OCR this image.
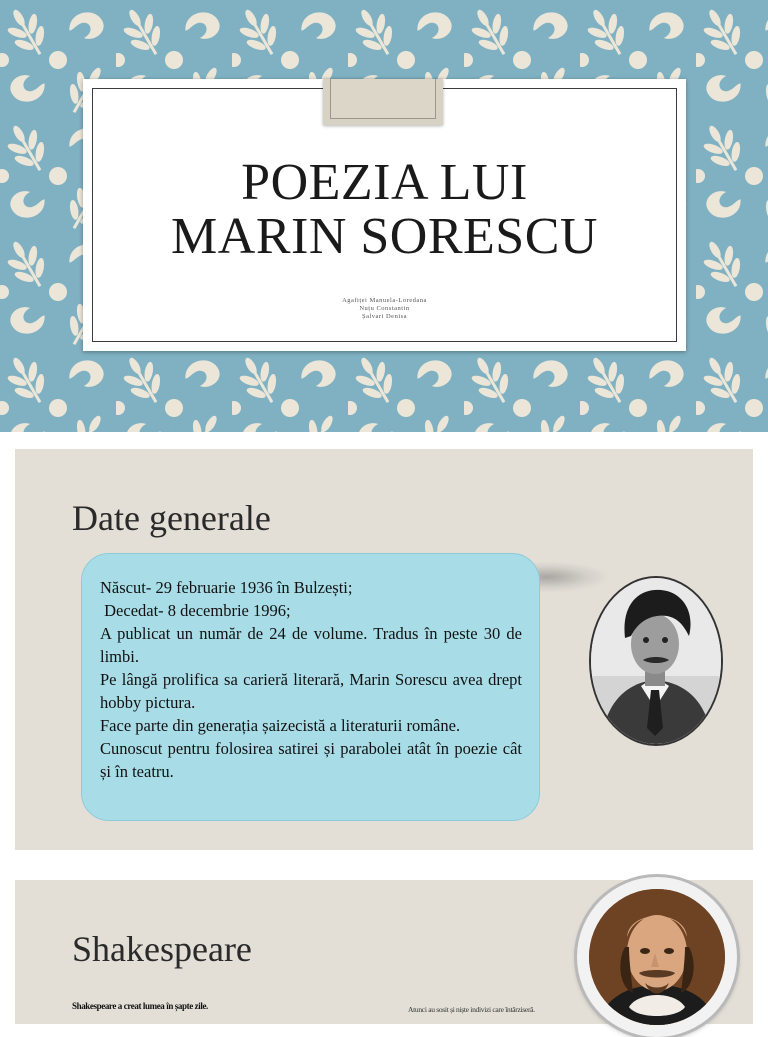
POEZIA LUI
MARIN SORESCU
Agafiței Manuela-Loredana
Nuțu Constantin
Șalvari Denisa
Date generale

Născut- 29 februarie 1936 în Bulzești;

Decedat- 8 decembrie 1996;

A publicat un număr de 24 de volume. Tradus în peste 30 de limbi.

Pe lângă prolifica sa carieră literară, Marin Sorescu avea drept hobby pictura.

Face parte din generația șaizecistă a literaturii române.

Cunoscut pentru folosirea satirei și parabolei atât în poezie cât și în teatru.

Shakespeare
Shakespeare a creat lumea în șapte zile.	Atunci au sosit și niște indivizi care întârziseră.
